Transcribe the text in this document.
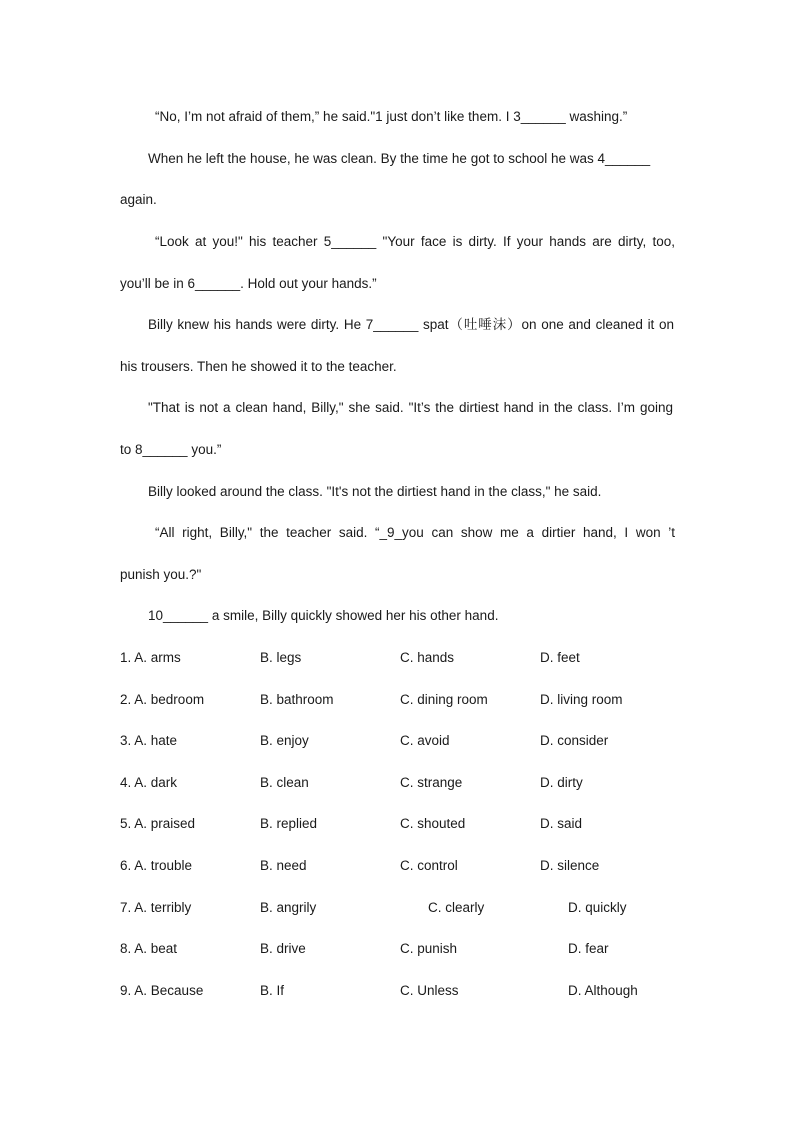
“No, I’m not afraid of them,” he said."1 just don’t like them. I 3______ washing.”
When he left the house, he was clean. By the time he got to school he was 4______
again.
“Look at you!" his teacher 5______ "Your face is dirty. If your hands are dirty, too,
you’ll be in 6______. Hold out your hands.”
Billy knew his hands were dirty. He 7______ spat（吐唾沫）on one and cleaned it on
his trousers. Then he showed it to the teacher.
"That is not a clean hand, Billy," she said. "It’s the dirtiest hand in the class. I’m going
to 8______ you.”
Billy looked around the class. "It's not the dirtiest hand in the class," he said.
“All right, Billy," the teacher said. “_9_you can show me a dirtier hand, I won ’t
punish you.?"
10______ a smile, Billy quickly showed her his other hand.
1. A. arms	B. legs	C. hands	D. feet
2. A. bedroom	B. bathroom	C. dining room	D. living room
3. A. hate	B. enjoy	C. avoid	D. consider
4. A. dark	B. clean	C. strange	D. dirty
5. A. praised	B. replied	C. shouted	D. said
6. A. trouble	B. need	C. control	D. silence
7. A. terribly	B. angrily	C. clearly	D. quickly
8. A. beat	B. drive	C. punish	D. fear
9. A. Because	B. If	C. Unless	D. Although
